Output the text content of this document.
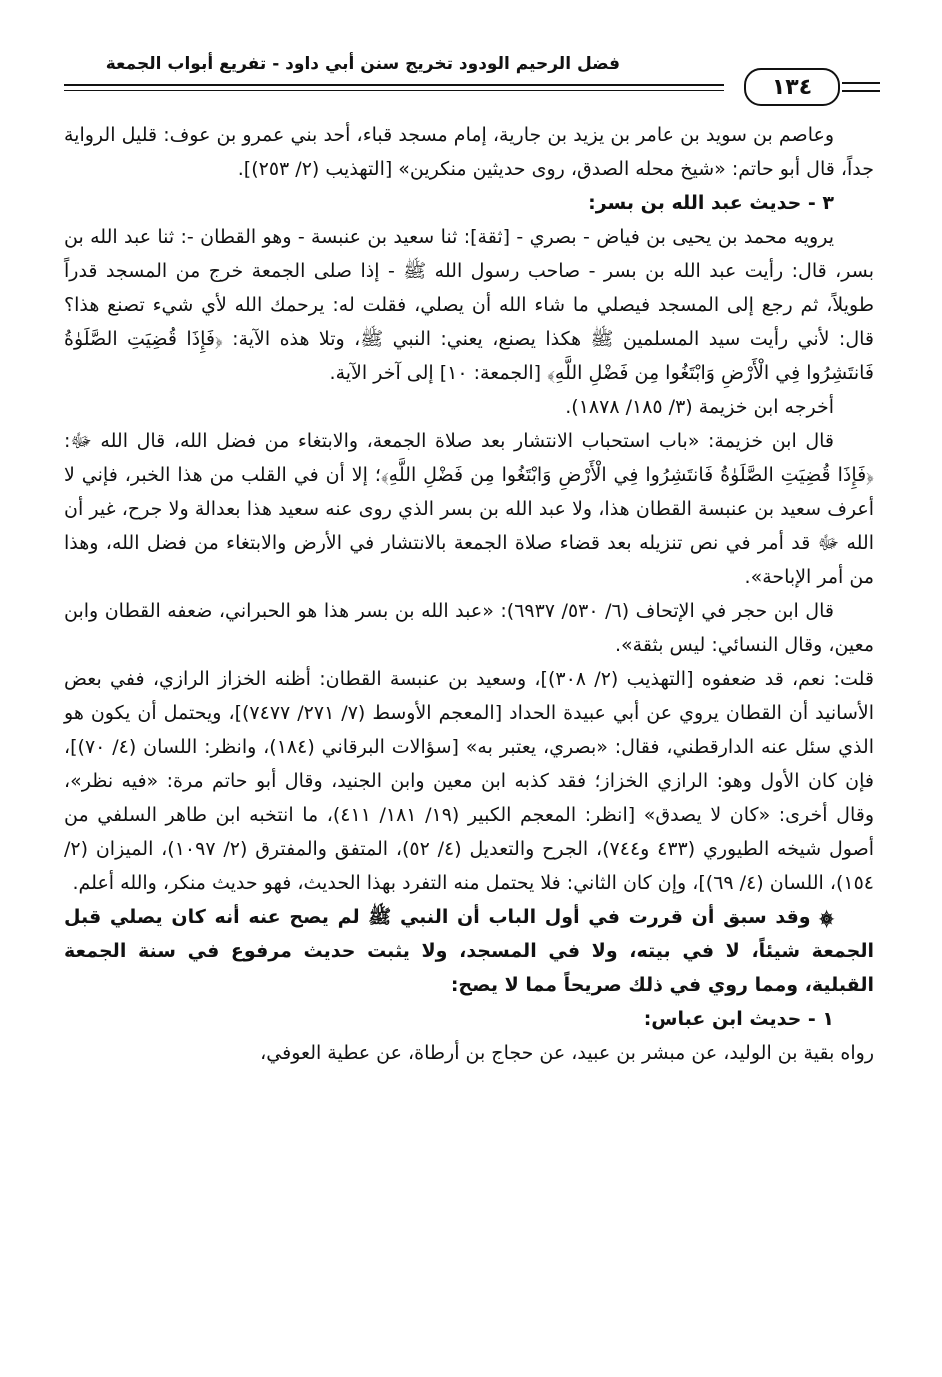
فضل الرحيم الودود تخريج سنن أبي داود - تفريع أبواب الجمعة
١٣٤

وعاصم بن سويد بن عامر بن يزيد بن جارية، إمام مسجد قباء، أحد بني عمرو بن عوف: قليل الرواية جداً، قال أبو حاتم: «شيخ محله الصدق، روى حديثين منكرين» [التهذيب (٢/ ٢٥٣)].

٣ - حديث عبد الله بن بسر:

يرويه محمد بن يحيى بن فياض - بصري - [ثقة]: ثنا سعيد بن عنبسة - وهو القطان -: ثنا عبد الله بن بسر، قال: رأيت عبد الله بن بسر - صاحب رسول الله ﷺ - إذا صلى الجمعة خرج من المسجد قدراً طويلاً، ثم رجع إلى المسجد فيصلي ما شاء الله أن يصلي، فقلت له: يرحمك الله لأي شيء تصنع هذا؟ قال: لأني رأيت سيد المسلمين ﷺ هكذا يصنع، يعني: النبي ﷺ، وتلا هذه الآية: ﴿فَإِذَا قُضِيَتِ الصَّلَوٰةُ فَانتَشِرُوا فِي الْأَرْضِ وَابْتَغُوا مِن فَضْلِ اللَّهِ﴾ [الجمعة: ١٠] إلى آخر الآية.

أخرجه ابن خزيمة (٣/ ١٨٥/ ١٨٧٨).

قال ابن خزيمة: «باب استحباب الانتشار بعد صلاة الجمعة، والابتغاء من فضل الله، قال الله ﷻ: ﴿فَإِذَا قُضِيَتِ الصَّلَوٰةُ فَانتَشِرُوا فِي الْأَرْضِ وَابْتَغُوا مِن فَضْلِ اللَّهِ﴾؛ إلا أن في القلب من هذا الخبر، فإني لا أعرف سعيد بن عنبسة القطان هذا، ولا عبد الله بن بسر الذي روى عنه سعيد هذا بعدالة ولا جرح، غير أن الله ﷻ قد أمر في نص تنزيله بعد قضاء صلاة الجمعة بالانتشار في الأرض والابتغاء من فضل الله، وهذا من أمر الإباحة».

قال ابن حجر في الإتحاف (٦/ ٥٣٠/ ٦٩٣٧): «عبد الله بن بسر هذا هو الحبراني، ضعفه القطان وابن معين، وقال النسائي: ليس بثقة».

قلت: نعم، قد ضعفوه [التهذيب (٢/ ٣٠٨)]، وسعيد بن عنبسة القطان: أظنه الخزاز الرازي، ففي بعض الأسانيد أن القطان يروي عن أبي عبيدة الحداد [المعجم الأوسط (٧/ ٢٧١/ ٧٤٧٧)]، ويحتمل أن يكون هو الذي سئل عنه الدارقطني، فقال: «بصري، يعتبر به» [سؤالات البرقاني (١٨٤)، وانظر: اللسان (٤/ ٧٠)]، فإن كان الأول وهو: الرازي الخزاز؛ فقد كذبه ابن معين وابن الجنيد، وقال أبو حاتم مرة: «فيه نظر»، وقال أخرى: «كان لا يصدق» [انظر: المعجم الكبير (١٩/ ١٨١/ ٤١١)، ما انتخبه ابن طاهر السلفي من أصول شيخه الطيوري (٤٣٣ و٧٤٤)، الجرح والتعديل (٤/ ٥٢)، المتفق والمفترق (٢/ ١٠٩٧)، الميزان (٢/ ١٥٤)، اللسان (٤/ ٦٩)]، وإن كان الثاني: فلا يحتمل منه التفرد بهذا الحديث، فهو حديث منكر، والله أعلم.

۞ وقد سبق أن قررت في أول الباب أن النبي ﷺ لم يصح عنه أنه كان يصلي قبل الجمعة شيئاً، لا في بيته، ولا في المسجد، ولا يثبت حديث مرفوع في سنة الجمعة القبلية، ومما روي في ذلك صريحاً مما لا يصح:

١ - حديث ابن عباس:

رواه بقية بن الوليد، عن مبشر بن عبيد، عن حجاج بن أرطاة، عن عطية العوفي،
